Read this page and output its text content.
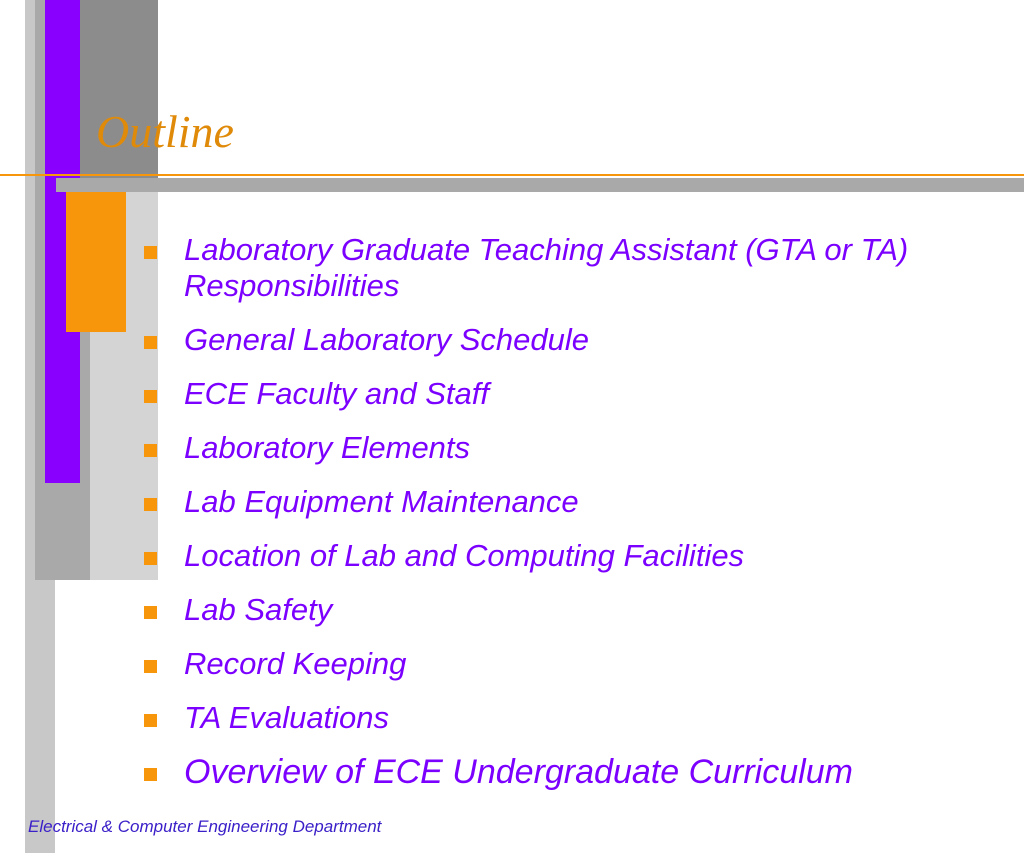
Outline
Laboratory Graduate Teaching Assistant (GTA or TA) Responsibilities
General Laboratory Schedule
ECE Faculty and Staff
Laboratory Elements
Lab Equipment Maintenance
Location of Lab and Computing Facilities
Lab Safety
Record Keeping
TA Evaluations
Overview of ECE Undergraduate Curriculum
Electrical & Computer Engineering Department
